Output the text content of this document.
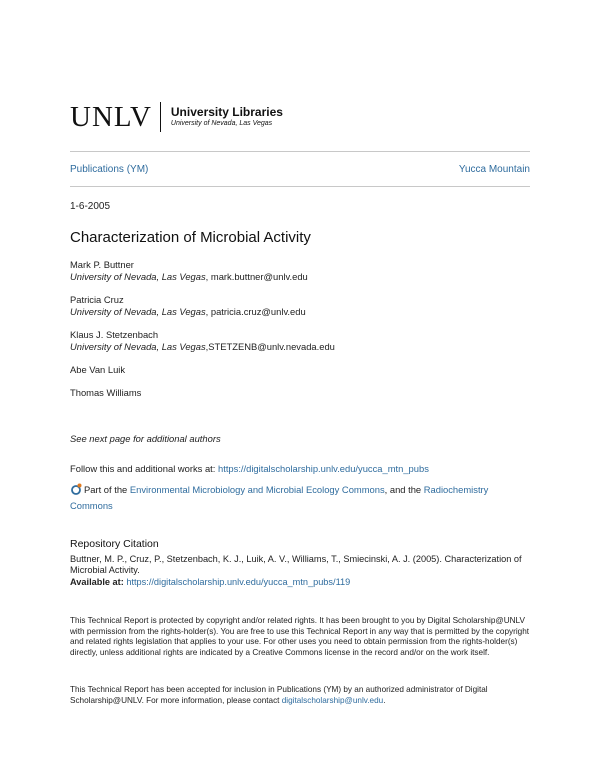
UNLV University Libraries
University of Nevada, Las Vegas
Publications (YM)	Yucca Mountain
1-6-2005
Characterization of Microbial Activity
Mark P. Buttner
University of Nevada, Las Vegas, mark.buttner@unlv.edu
Patricia Cruz
University of Nevada, Las Vegas, patricia.cruz@unlv.edu
Klaus J. Stetzenbach
University of Nevada, Las Vegas,STETZENB@unlv.nevada.edu
Abe Van Luik
Thomas Williams
See next page for additional authors
Follow this and additional works at: https://digitalscholarship.unlv.edu/yucca_mtn_pubs
Part of the Environmental Microbiology and Microbial Ecology Commons, and the Radiochemistry
Commons
Repository Citation
Buttner, M. P., Cruz, P., Stetzenbach, K. J., Luik, A. V., Williams, T., Smiecinski, A. J. (2005). Characterization of Microbial Activity.
Available at: https://digitalscholarship.unlv.edu/yucca_mtn_pubs/119
This Technical Report is protected by copyright and/or related rights. It has been brought to you by Digital Scholarship@UNLV with permission from the rights-holder(s). You are free to use this Technical Report in any way that is permitted by the copyright and related rights legislation that applies to your use. For other uses you need to obtain permission from the rights-holder(s) directly, unless additional rights are indicated by a Creative Commons license in the record and/or on the work itself.
This Technical Report has been accepted for inclusion in Publications (YM) by an authorized administrator of Digital Scholarship@UNLV. For more information, please contact digitalscholarship@unlv.edu.
